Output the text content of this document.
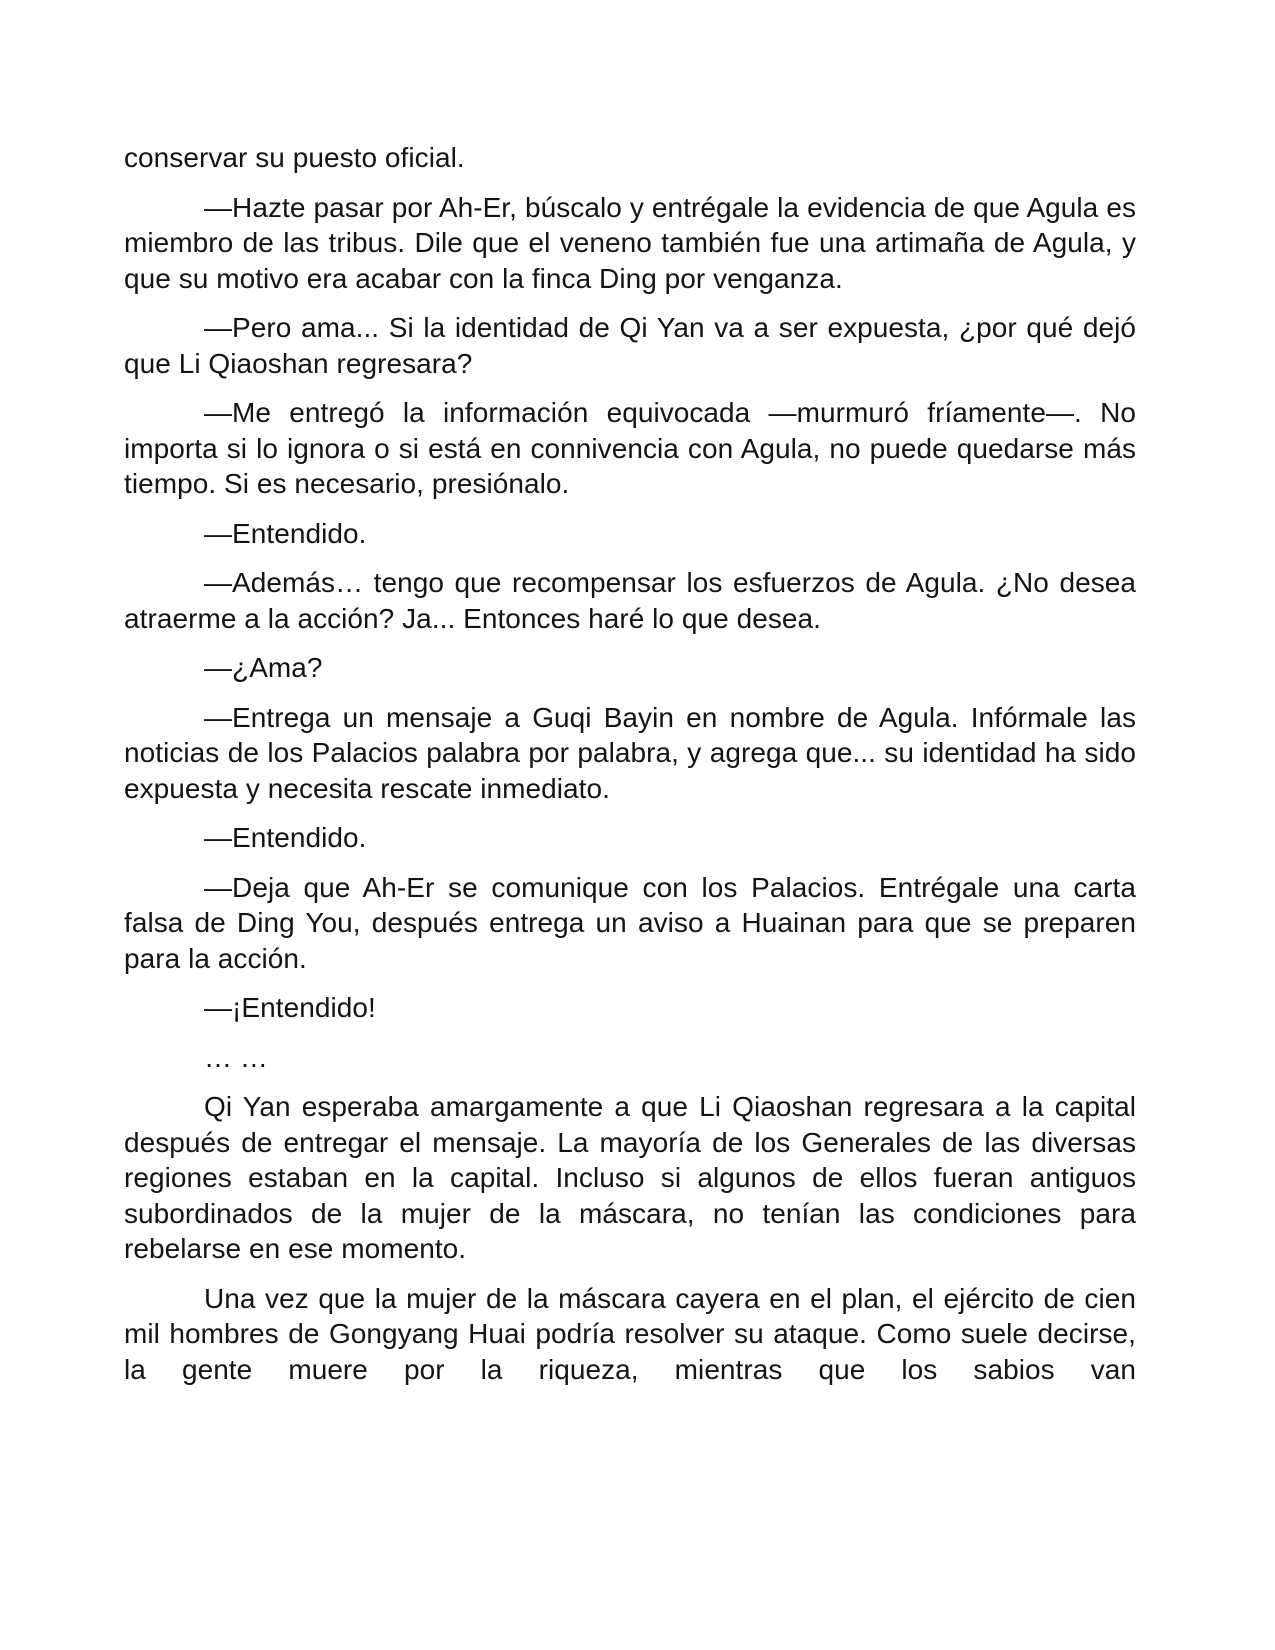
conservar su puesto oficial.

—Hazte pasar por Ah-Er, búscalo y entrégale la evidencia de que Agula es miembro de las tribus. Dile que el veneno también fue una artimaña de Agula, y que su motivo era acabar con la finca Ding por venganza.

—Pero ama... Si la identidad de Qi Yan va a ser expuesta, ¿por qué dejó que Li Qiaoshan regresara?

—Me entregó la información equivocada —murmuró fríamente—. No importa si lo ignora o si está en connivencia con Agula, no puede quedarse más tiempo. Si es necesario, presiónalo.

—Entendido.

—Además… tengo que recompensar los esfuerzos de Agula. ¿No desea atraerme a la acción? Ja... Entonces haré lo que desea.

—¿Ama?

—Entrega un mensaje a Guqi Bayin en nombre de Agula. Infórmale las noticias de los Palacios palabra por palabra, y agrega que... su identidad ha sido expuesta y necesita rescate inmediato.

—Entendido.

—Deja que Ah-Er se comunique con los Palacios. Entrégale una carta falsa de Ding You, después entrega un aviso a Huainan para que se preparen para la acción.

—¡Entendido!

… …

Qi Yan esperaba amargamente a que Li Qiaoshan regresara a la capital después de entregar el mensaje. La mayoría de los Generales de las diversas regiones estaban en la capital. Incluso si algunos de ellos fueran antiguos subordinados de la mujer de la máscara, no tenían las condiciones para rebelarse en ese momento.

Una vez que la mujer de la máscara cayera en el plan, el ejército de cien mil hombres de Gongyang Huai podría resolver su ataque. Como suele decirse, la gente muere por la riqueza, mientras que los sabios van
